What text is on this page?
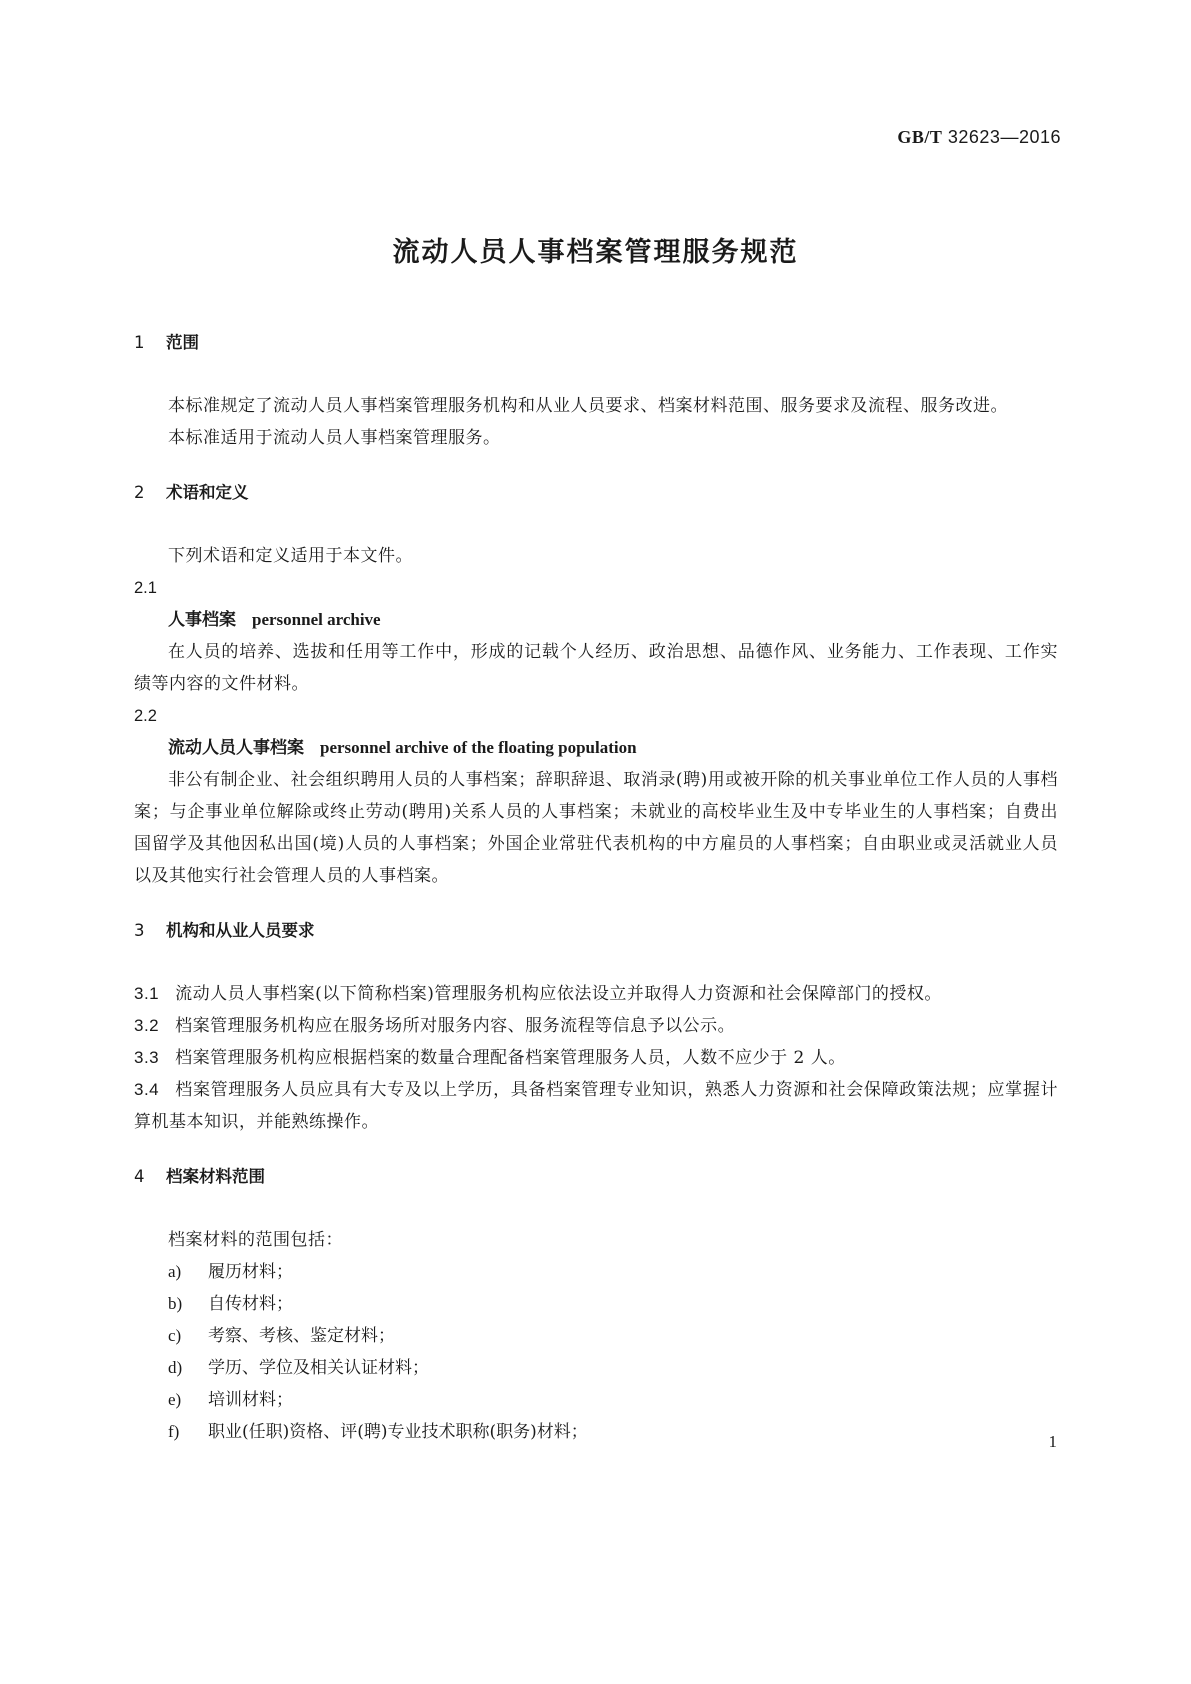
GB/T 32623—2016
流动人员人事档案管理服务规范
1 范围
本标准规定了流动人员人事档案管理服务机构和从业人员要求、档案材料范围、服务要求及流程、服务改进。
本标准适用于流动人员人事档案管理服务。
2 术语和定义
下列术语和定义适用于本文件。
2.1
人事档案 personnel archive
在人员的培养、选拔和任用等工作中，形成的记载个人经历、政治思想、品德作风、业务能力、工作表现、工作实绩等内容的文件材料。
2.2
流动人员人事档案 personnel archive of the floating population
非公有制企业、社会组织聘用人员的人事档案；辞职辞退、取消录(聘)用或被开除的机关事业单位工作人员的人事档案；与企事业单位解除或终止劳动(聘用)关系人员的人事档案；未就业的高校毕业生及中专毕业生的人事档案；自费出国留学及其他因私出国(境)人员的人事档案；外国企业常驻代表机构的中方雇员的人事档案；自由职业或灵活就业人员以及其他实行社会管理人员的人事档案。
3 机构和从业人员要求
3.1 流动人员人事档案(以下简称档案)管理服务机构应依法设立并取得人力资源和社会保障部门的授权。
3.2 档案管理服务机构应在服务场所对服务内容、服务流程等信息予以公示。
3.3 档案管理服务机构应根据档案的数量合理配备档案管理服务人员，人数不应少于 2 人。
3.4 档案管理服务人员应具有大专及以上学历，具备档案管理专业知识，熟悉人力资源和社会保障政策法规；应掌握计算机基本知识，并能熟练操作。
4 档案材料范围
档案材料的范围包括：
a) 履历材料；
b) 自传材料；
c) 考察、考核、鉴定材料；
d) 学历、学位及相关认证材料；
e) 培训材料；
f) 职业(任职)资格、评(聘)专业技术职称(职务)材料；	1
